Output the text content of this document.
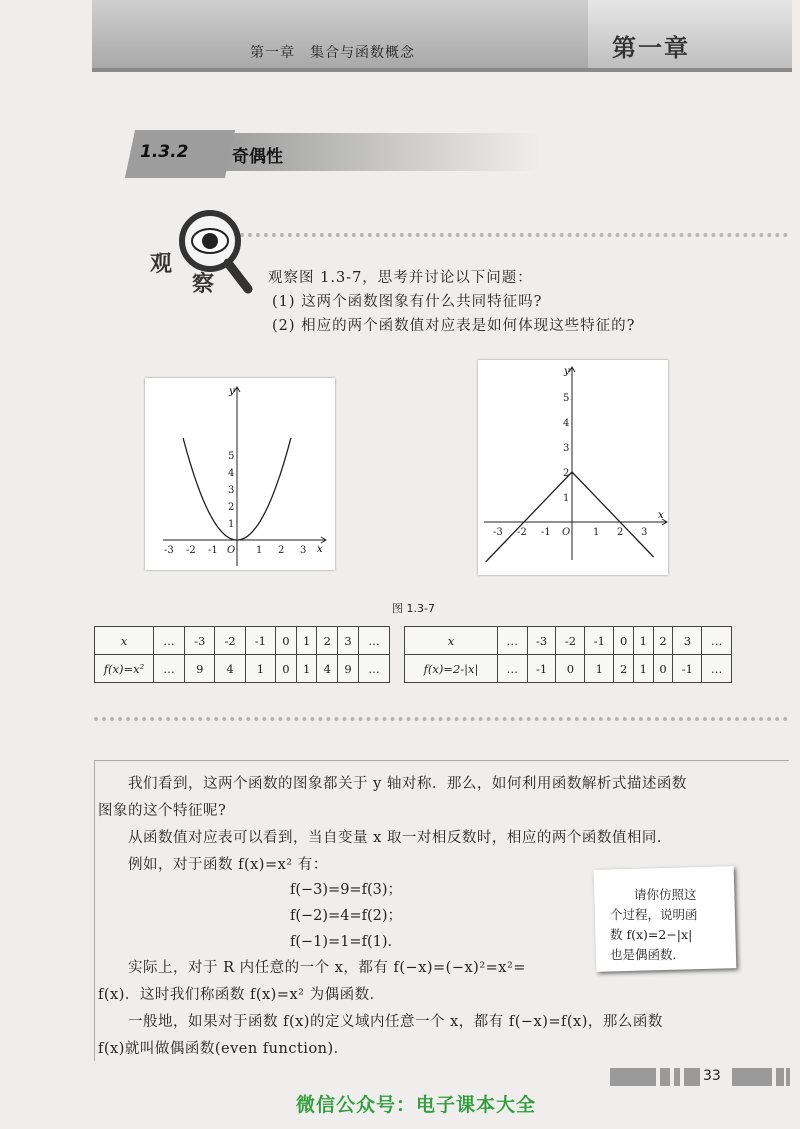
第一章　集合与函数概念	第一章
1.3.2	奇偶性
观
察	观察图 1.3-7，思考并讨论以下问题：
(1) 这两个函数图象有什么共同特征吗?
(2) 相应的两个函数值对应表是如何体现这些特征的?
-3 -2 -1 O 1 2 3
1
2
3
4
5
x
y
-3 -2 -1 O 1 2 3
1
2
3
4
5
x
y
图 1.3-7
x	…	-3	-2	-1	0	1	2	3	…
f(x)=x²	…	9	4	1	0	1	4	9	…
x	…	-3	-2	-1	0	1	2	3	…
f(x)=2-|x|	…	-1	0	1	2	1	0	-1	…
我们看到，这两个函数的图象都关于 y 轴对称．那么，如何利用函数解析式描述函数
图象的这个特征呢?
从函数值对应表可以看到，当自变量 x 取一对相反数时，相应的两个函数值相同．
例如，对于函数 f(x)=x² 有：
f(−3)=9=f(3)；
f(−2)=4=f(2)；
f(−1)=1=f(1)．
实际上，对于 R 内任意的一个 x，都有 f(−x)=(−x)²=x²=
f(x)．这时我们称函数 f(x)=x² 为偶函数．
一般地，如果对于函数 f(x)的定义域内任意一个 x，都有 f(−x)=f(x)，那么函数
f(x)就叫做偶函数(even function)．
请你仿照这
个过程，说明函
数 f(x)=2−|x|
也是偶函数．
33
微信公众号：电子课本大全
